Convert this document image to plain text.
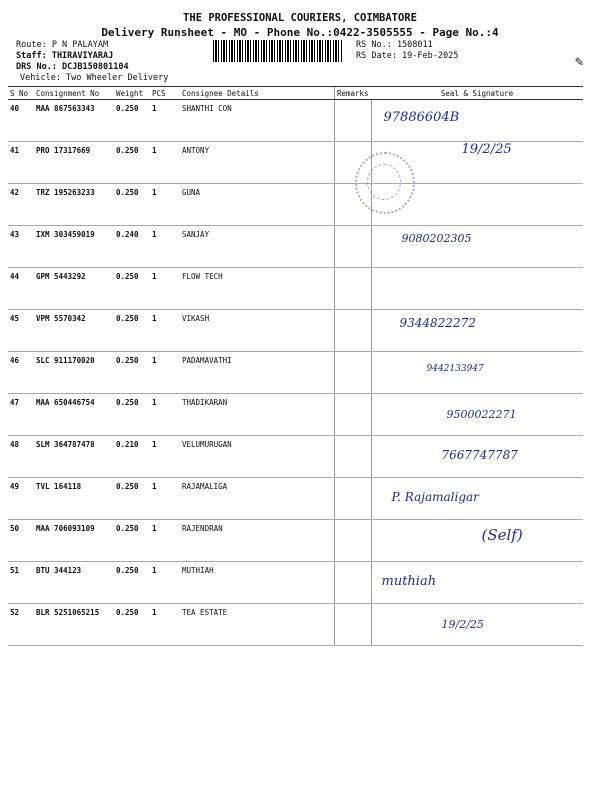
THE PROFESSIONAL COURIERS, COIMBATORE
Delivery Runsheet - MO - Phone No.:0422-3505555 - Page No.:4
Route: P N PALAYAM
Staff: THIRAVIYARAJ
DRS No.: DCJB150801104
Vehicle: Two Wheeler Delivery
RS No.: 1508011
RS Date: 19-Feb-2025	✎
S No	Consignment No	Weight	PCS	Consignee Details	Remarks	Seal & Signature
40	MAA 867563343	0.250	1	SHANTHI CON		97886604B

41	PRO 17317669	0.250	1	ANTONY		19/2/25

42	TRZ 195263233	0.250	1	GUNA		

43	IXM 303459019	0.240	1	SANJAY		9080202305

44	GPM 5443292	0.250	1	FLOW TECH		

45	VPM 5570342	0.250	1	VIKASH		9344822272

46	SLC 911170020	0.250	1	PADAMAVATHI		9442133947

47	MAA 650446754	0.250	1	THADIKARAN		9500022271

48	SLM 364787478	0.210	1	VELUMURUGAN		7667747787

49	TVL 164118	0.250	1	RAJAMALIGA		P. Rajamaligar

50	MAA 706093109	0.250	1	RAJENDRAN		(Self)

51	BTU 344123	0.250	1	MUTHIAH		muthiah

52	BLR 5251065215	0.250	1	TEA ESTATE		19/2/25
